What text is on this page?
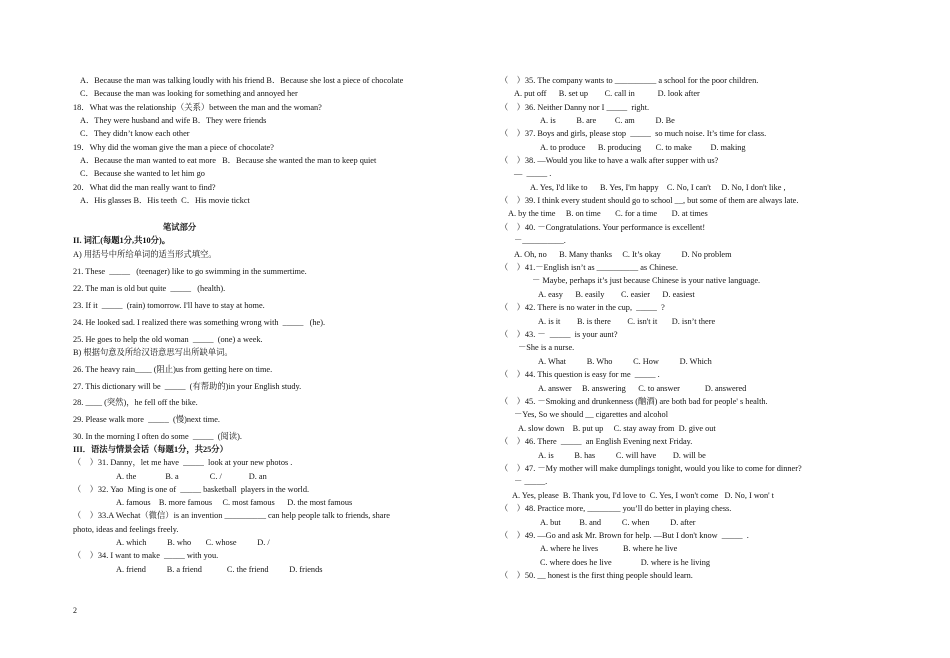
A．Because the man was talking loudly with his friend B．Because she lost a piece of chocolate
C．Because the man was looking for something and annoyed her
18．What was the relationship（关系）between the man and the woman?
A．They were husband and wife B．They were friends
C．They didn’t know each other
19．Why did the woman give the man a piece of chocolate?
A．Because the man wanted to eat more   B．Because she wanted the man to keep quiet
C．Because she wanted to let him go
20．What did the man really want to find?
A．His glasses B．His teeth  C．His movie tickct
笔试部分
II. 词汇(每题1分,共10分)。
A) 用括号中所给单词的适当形式填空。
21. These  _____   (teenager) like to go swimming in the summertime.
22. The man is old but quite  _____   (health).
23. If it  _____  (rain) tomorrow. I'll have to stay at home.
24. He looked sad. I realized there was something wrong with  _____   (he).
25. He goes to help the old woman  _____  (one) a week.
B) 根据句意及所给汉语意思写出所缺单词。
26. The heavy rain____ (阻止)us from getting here on time.
27. This dictionary will be  _____  (有帮助的)in your English study.
28. ____ (突然)，he fell off the bike.
29. Please walk more  _____  (慢)next time.
30. In the morning I often do some  _____  (阅读).
III．语法与情景会话（每题1分，共25分）
（    ）31. Danny，let me have  _____  look at your new photos .
A. the              B. a               C. /             D. an
（    ）32. Yao  Ming is one of  _____ basketball  players in the world.
A. famous    B. more famous     C. most famous      D. the most famous
（    ）33.A Wechat（微信）is an invention __________ can help people talk to friends, share
photo, ideas and feelings freely.
A. which          B. who       C. whose          D. /
（    ）34. I want to make  _____ with you.
A. friend          B. a friend            C. the friend          D. friends
（    ）35. The company wants to __________ a school for the poor children.
A. put off      B. set up        C. call in           D. look after
（    ）36. Neither Danny nor I _____  right.
A. is          B. are         C. am          D. Be
（    ）37. Boys and girls, please stop  _____  so much noise. It’s time for class.
A. to produce      B. producing       C. to make         D. making
（    ）38. —Would you like to have a walk after supper with us?
—  _____ .
A. Yes, I'd like to      B. Yes, I'm happy    C. No, I can't     D. No, I don't like ,
（    ）39. I think every student should go to school __, but some of them are always late.
A. by the time     B. on time       C. for a time       D. at times
（    ）40. －Congratulations. Your performance is excellent!
－__________.
A. Oh, no      B. Many thanks     C. It’s okay          D. No problem
（    ）41.－English isn’t as __________ as Chinese.
－ Maybe, perhaps it’s just because Chinese is your native language.
A. easy      B. easily        C. easier      D. easiest
（    ）42. There is no water in the cup,  _____  ?
A. is it        B. is there        C. isn't it       D. isn’t there
（    ）43. －  _____  is your aunt?
－She is a nurse.
A. What          B. Who          C. How          D. Which
（    ）44. This question is easy for me  _____ .
A. answer     B. answering      C. to answer            D. answered
（    ）45. －Smoking and drunkenness (酗酒) are both bad for people' s health.
－Yes, So we should __ cigarettes and alcohol
A. slow down    B. put up     C. stay away from  D. give out
（    ）46. There  _____  an English Evening next Friday.
A. is          B. has          C. will have        D. will be
（    ）47. －My mother will make dumplings tonight, would you like to come for dinner?
－ _____.
A. Yes, please  B. Thank you, I'd love to  C. Yes, I won't come   D. No, I won' t
（    ）48. Practice more, ________ you’ll do better in playing chess.
A. but         B. and          C. when          D. after
（    ）49. —Go and ask Mr. Brown for help. —But I don't know  _____  .
A. where he lives            B. where he live
C. where does he live              D. where is he living
（    ）50. __ honest is the first thing people should learn.
2
